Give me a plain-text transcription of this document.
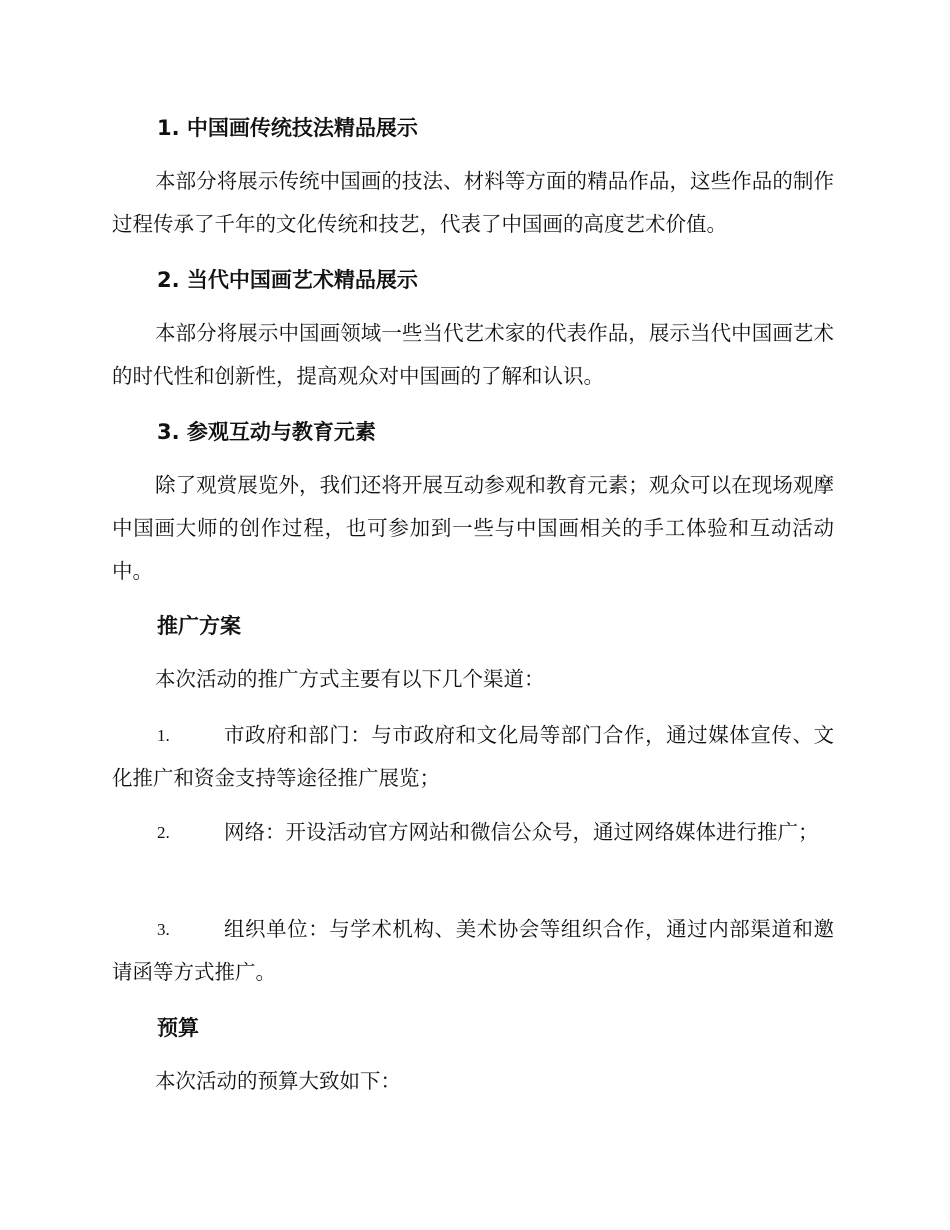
1. 中国画传统技法精品展示

本部分将展示传统中国画的技法、材料等方面的精品作品，这些作品的制作过程传承了千年的文化传统和技艺，代表了中国画的高度艺术价值。

2. 当代中国画艺术精品展示

本部分将展示中国画领域一些当代艺术家的代表作品，展示当代中国画艺术的时代性和创新性，提高观众对中国画的了解和认识。

3. 参观互动与教育元素

除了观赏展览外，我们还将开展互动参观和教育元素；观众可以在现场观摩中国画大师的创作过程，也可参加到一些与中国画相关的手工体验和互动活动中。

推广方案

本次活动的推广方式主要有以下几个渠道：

1.	市政府和部门：与市政府和文化局等部门合作，通过媒体宣传、文化推广和资金支持等途径推广展览；

2.	网络：开设活动官方网站和微信公众号，通过网络媒体进行推广；

3.	组织单位：与学术机构、美术协会等组织合作，通过内部渠道和邀请函等方式推广。

预算

本次活动的预算大致如下：
